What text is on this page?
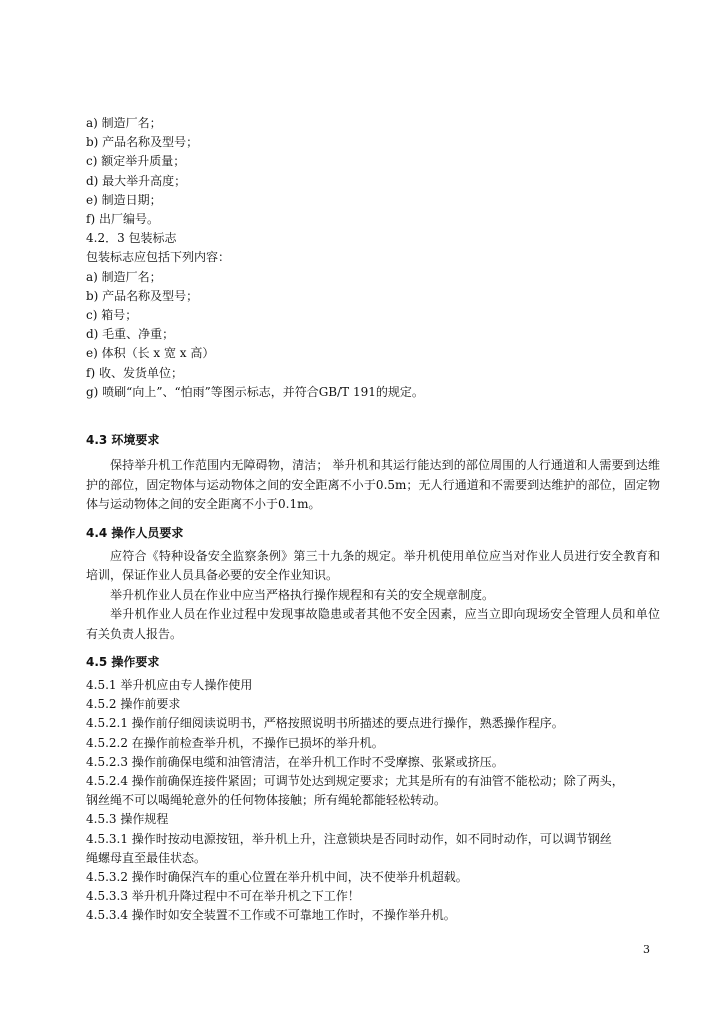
a) 制造厂名；
b) 产品名称及型号；
c) 额定举升质量；
d) 最大举升高度；
e) 制造日期；
f) 出厂编号。
4.2．3 包装标志
包装标志应包括下列内容：
a) 制造厂名；
b) 产品名称及型号；
c) 箱号；
d) 毛重、净重；
e) 体积（长 x 宽 x 高）
f) 收、发货单位；
g) 喷刷“向上”、“怕雨”等图示标志，并符合GB/T 191的规定。
4.3 环境要求

保持举升机工作范围内无障碍物，清洁； 举升机和其运行能达到的部位周围的人行通道和人需要到达维护的部位，固定物体与运动物体之间的安全距离不小于0.5m；无人行通道和不需要到达维护的部位，固定物体与运动物体之间的安全距离不小于0.1m。

4.4 操作人员要求

应符合《特种设备安全监察条例》第三十九条的规定。举升机使用单位应当对作业人员进行安全教育和培训，保证作业人员具备必要的安全作业知识。

举升机作业人员在作业中应当严格执行操作规程和有关的安全规章制度。

举升机作业人员在作业过程中发现事故隐患或者其他不安全因素，应当立即向现场安全管理人员和单位有关负责人报告。

4.5 操作要求
4.5.1 举升机应由专人操作使用
4.5.2 操作前要求
4.5.2.1 操作前仔细阅读说明书，严格按照说明书所描述的要点进行操作，熟悉操作程序。
4.5.2.2 在操作前检查举升机，不操作已损坏的举升机。
4.5.2.3 操作前确保电缆和油管清洁，在举升机工作时不受摩擦、张紧或挤压。
4.5.2.4 操作前确保连接件紧固；可调节处达到规定要求；尤其是所有的有油管不能松动；除了两头，
钢丝绳不可以喝绳轮意外的任何物体接触；所有绳轮都能轻松转动。
4.5.3 操作规程
4.5.3.1 操作时按动电源按钮，举升机上升，注意锁块是否同时动作，如不同时动作，可以调节钢丝
绳螺母直至最佳状态。
4.5.3.2 操作时确保汽车的重心位置在举升机中间，决不使举升机超载。
4.5.3.3 举升机升降过程中不可在举升机之下工作！
4.5.3.4 操作时如安全装置不工作或不可靠地工作时，不操作举升机。
3
